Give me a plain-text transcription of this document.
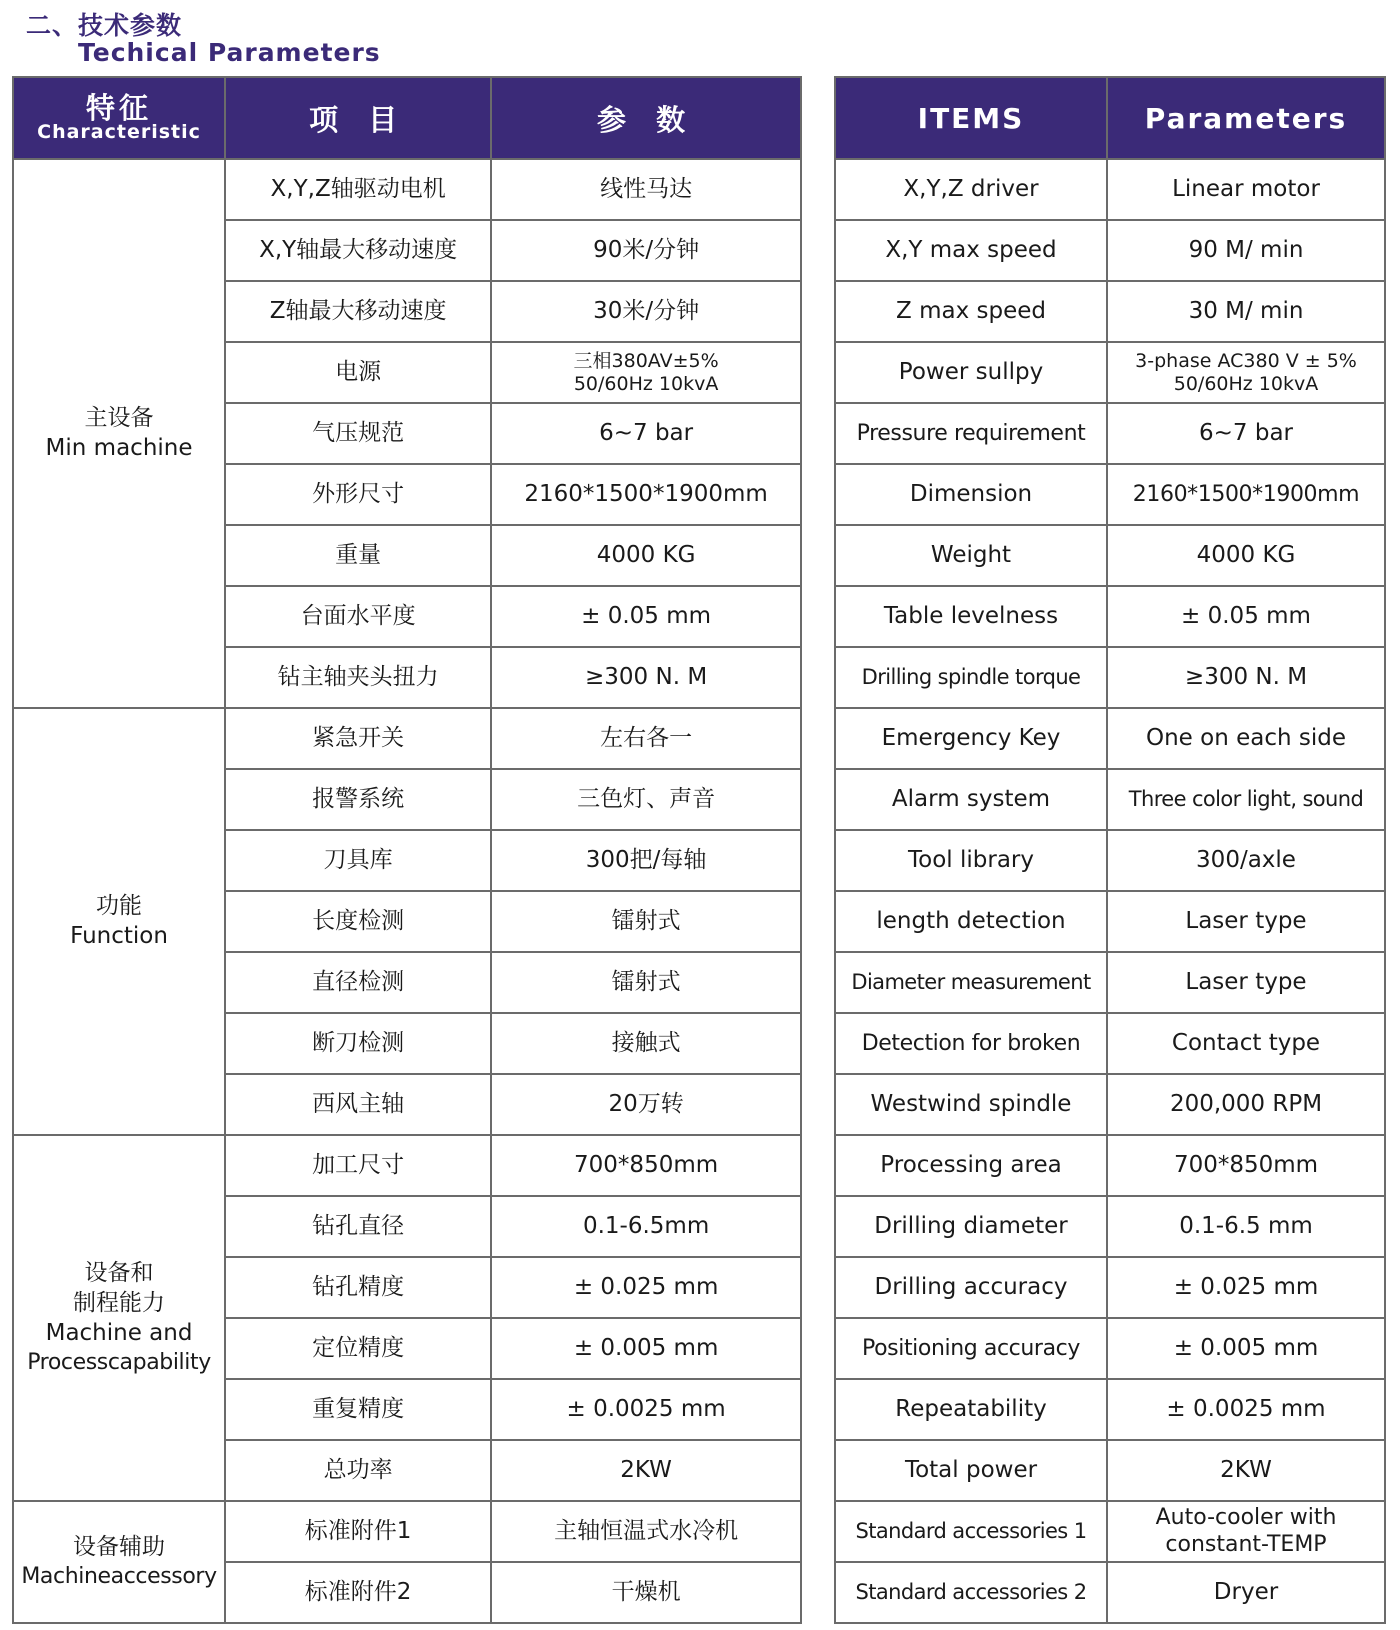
二、技术参数
Techical Parameters
特征
Characteristic	项 目	参 数

主设备
Min machine	X,Y,Z轴驱动电机	线性马达
	X,Y轴最大移动速度	90米/分钟
	Z轴最大移动速度	30米/分钟
	电源	三相380AV±5%
50/60Hz 10kvA

	气压规范	6~7 bar
	外形尺寸	2160*1500*1900mm
	重量	4000 KG
	台面水平度	± 0.05 mm
	钻主轴夹头扭力	≥300 N. M

功能
Function	紧急开关	左右各一
	报警系统	三色灯、声音
	刀具库	300把/每轴
	长度检测	镭射式
	直径检测	镭射式
	断刀检测	接触式
	西风主轴	20万转

设备和
制程能力
Machine and
Processcapability	加工尺寸	700*850mm
	钻孔直径	0.1-6.5mm
	钻孔精度	± 0.025 mm
	定位精度	± 0.005 mm
	重复精度	± 0.0025 mm
	总功率	2KW

设备辅助
Machineaccessory	标准附件1	主轴恒温式水冷机
	标准附件2	干燥机
ITEMS	Parameters
X,Y,Z driver	Linear motor
X,Y max speed	90 M/ min
Z max speed	30 M/ min
Power sullpy	3-phase AC380 V ± 5%
50/60Hz 10kvA

Pressure requirement	6~7 bar
Dimension	2160*1500*1900mm
Weight	4000 KG
Table levelness	± 0.05 mm
Drilling spindle torque	≥300 N. M
Emergency Key	One on each side
Alarm system	Three color light, sound
Tool library	300/axle
length detection	Laser type
Diameter measurement	Laser type
Detection for broken	Contact type
Westwind spindle	200,000 RPM
Processing area	700*850mm
Drilling diameter	0.1-6.5 mm
Drilling accuracy	± 0.025 mm
Positioning accuracy	± 0.005 mm
Repeatability	± 0.0025 mm
Total power	2KW
Standard accessories 1	Auto-cooler with
constant-TEMP

Standard accessories 2	Dryer
